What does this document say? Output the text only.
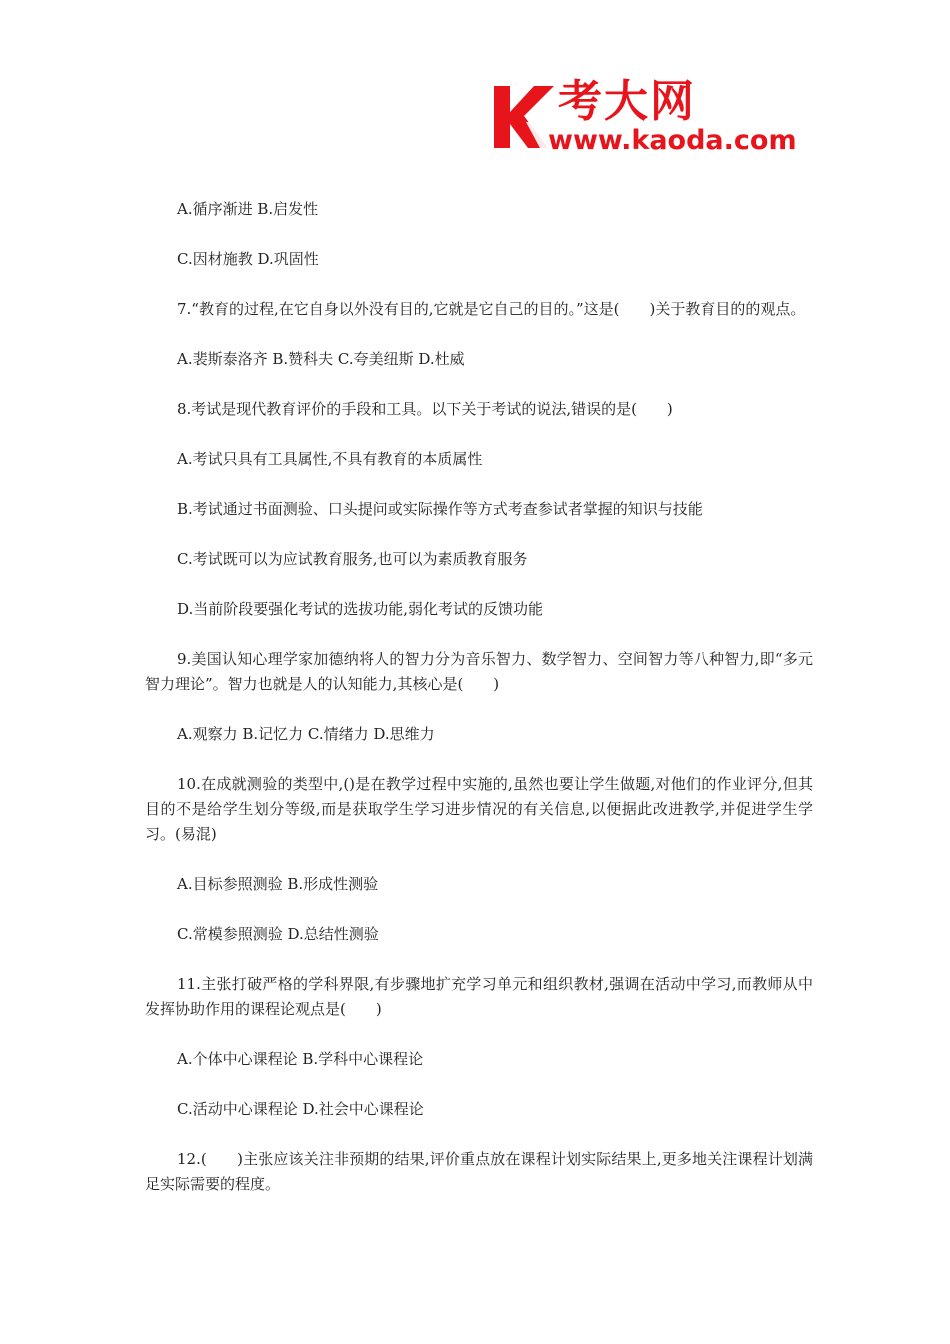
考大网
www.kaoda.com

A.循序渐进 B.启发性

C.因材施教 D.巩固性

7.“教育的过程,在它自身以外没有目的,它就是它自己的目的。”这是(　　)关于教育目的的观点。

A.裴斯泰洛齐 B.赞科夫 C.夸美纽斯 D.杜威

8.考试是现代教育评价的手段和工具。以下关于考试的说法,错误的是(　　)

A.考试只具有工具属性,不具有教育的本质属性

B.考试通过书面测验、口头提问或实际操作等方式考查参试者掌握的知识与技能

C.考试既可以为应试教育服务,也可以为素质教育服务

D.当前阶段要强化考试的选拔功能,弱化考试的反馈功能

9.美国认知心理学家加德纳将人的智力分为音乐智力、数学智力、空间智力等八种智力,即“多元智力理论”。智力也就是人的认知能力,其核心是(　　)

A.观察力 B.记忆力 C.情绪力 D.思维力

10.在成就测验的类型中,()是在教学过程中实施的,虽然也要让学生做题,对他们的作业评分,但其目的不是给学生划分等级,而是获取学生学习进步情况的有关信息,以便据此改进教学,并促进学生学习。(易混)

A.目标参照测验 B.形成性测验

C.常模参照测验 D.总结性测验

11.主张打破严格的学科界限,有步骤地扩充学习单元和组织教材,强调在活动中学习,而教师从中发挥协助作用的课程论观点是(　　)

A.个体中心课程论 B.学科中心课程论

C.活动中心课程论 D.社会中心课程论

12.(　　)主张应该关注非预期的结果,评价重点放在课程计划实际结果上,更多地关注课程计划满足实际需要的程度。
